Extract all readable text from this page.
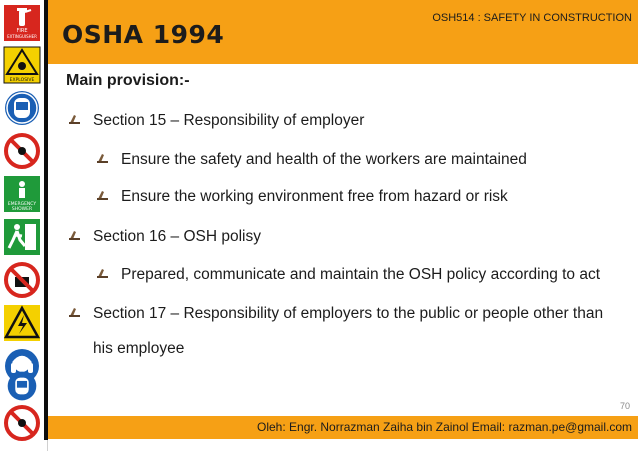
FIRE
EXTINGUISHER
EXPLOSIVE
EMERGENCY
SHOWER
OSHA 1994
OSH514 : SAFETY IN CONSTRUCTION
Main provision:-
Section 15 – Responsibility of employer
Ensure the safety and health of the workers are maintained
Ensure the working environment free from hazard or risk
Section 16 – OSH polisy
Prepared, communicate and maintain the OSH policy according to act
Section 17 – Responsibility of employers to the public or people other than
his employee
70
Oleh: Engr. Norrazman Zaiha bin Zainol Email: razman.pe@gmail.com
